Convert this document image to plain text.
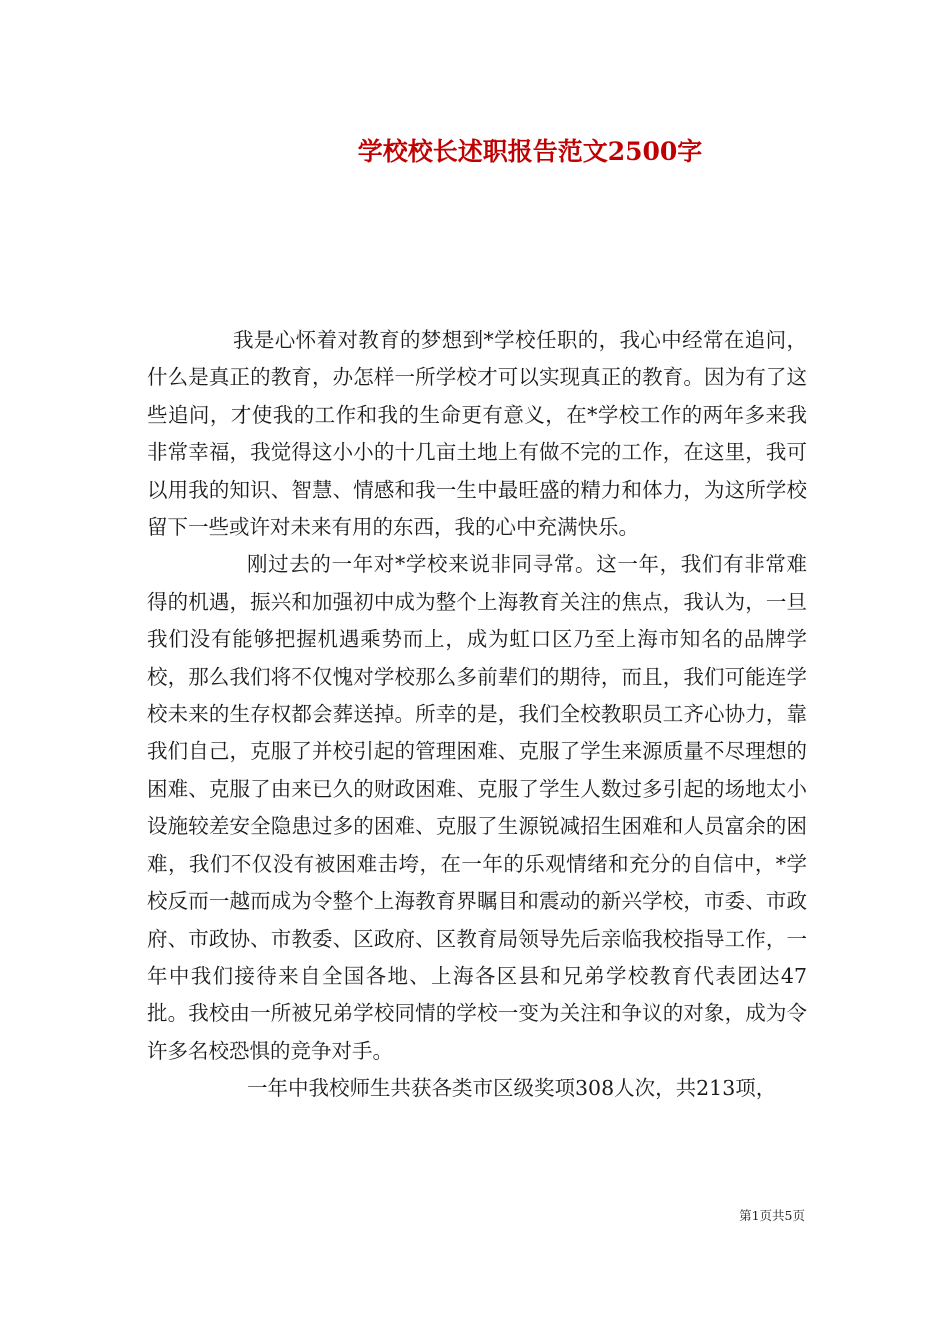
学校校长述职报告范文2500字

我是心怀着对教育的梦想到*学校任职的，我心中经常在追问，什么是真正的教育，办怎样一所学校才可以实现真正的教育。因为有了这些追问，才使我的工作和我的生命更有意义，在*学校工作的两年多来我非常幸福，我觉得这小小的十几亩土地上有做不完的工作，在这里，我可以用我的知识、智慧、情感和我一生中最旺盛的精力和体力，为这所学校留下一些或许对未来有用的东西，我的心中充满快乐。

刚过去的一年对*学校来说非同寻常。这一年，我们有非常难得的机遇，振兴和加强初中成为整个上海教育关注的焦点，我认为，一旦我们没有能够把握机遇乘势而上，成为虹口区乃至上海市知名的品牌学校，那么我们将不仅愧对学校那么多前辈们的期待，而且，我们可能连学校未来的生存权都会葬送掉。所幸的是，我们全校教职员工齐心协力，靠我们自己，克服了并校引起的管理困难、克服了学生来源质量不尽理想的困难、克服了由来已久的财政困难、克服了学生人数过多引起的场地太小设施较差安全隐患过多的困难、克服了生源锐减招生困难和人员富余的困难，我们不仅没有被困难击垮，在一年的乐观情绪和充分的自信中，*学校反而一越而成为令整个上海教育界瞩目和震动的新兴学校，市委、市政府、市政协、市教委、区政府、区教育局领导先后亲临我校指导工作，一年中我们接待来自全国各地、上海各区县和兄弟学校教育代表团达47批。我校由一所被兄弟学校同情的学校一变为关注和争议的对象，成为令许多名校恐惧的竞争对手。

一年中我校师生共获各类市区级奖项308人次，共213项，

第1页共5页
